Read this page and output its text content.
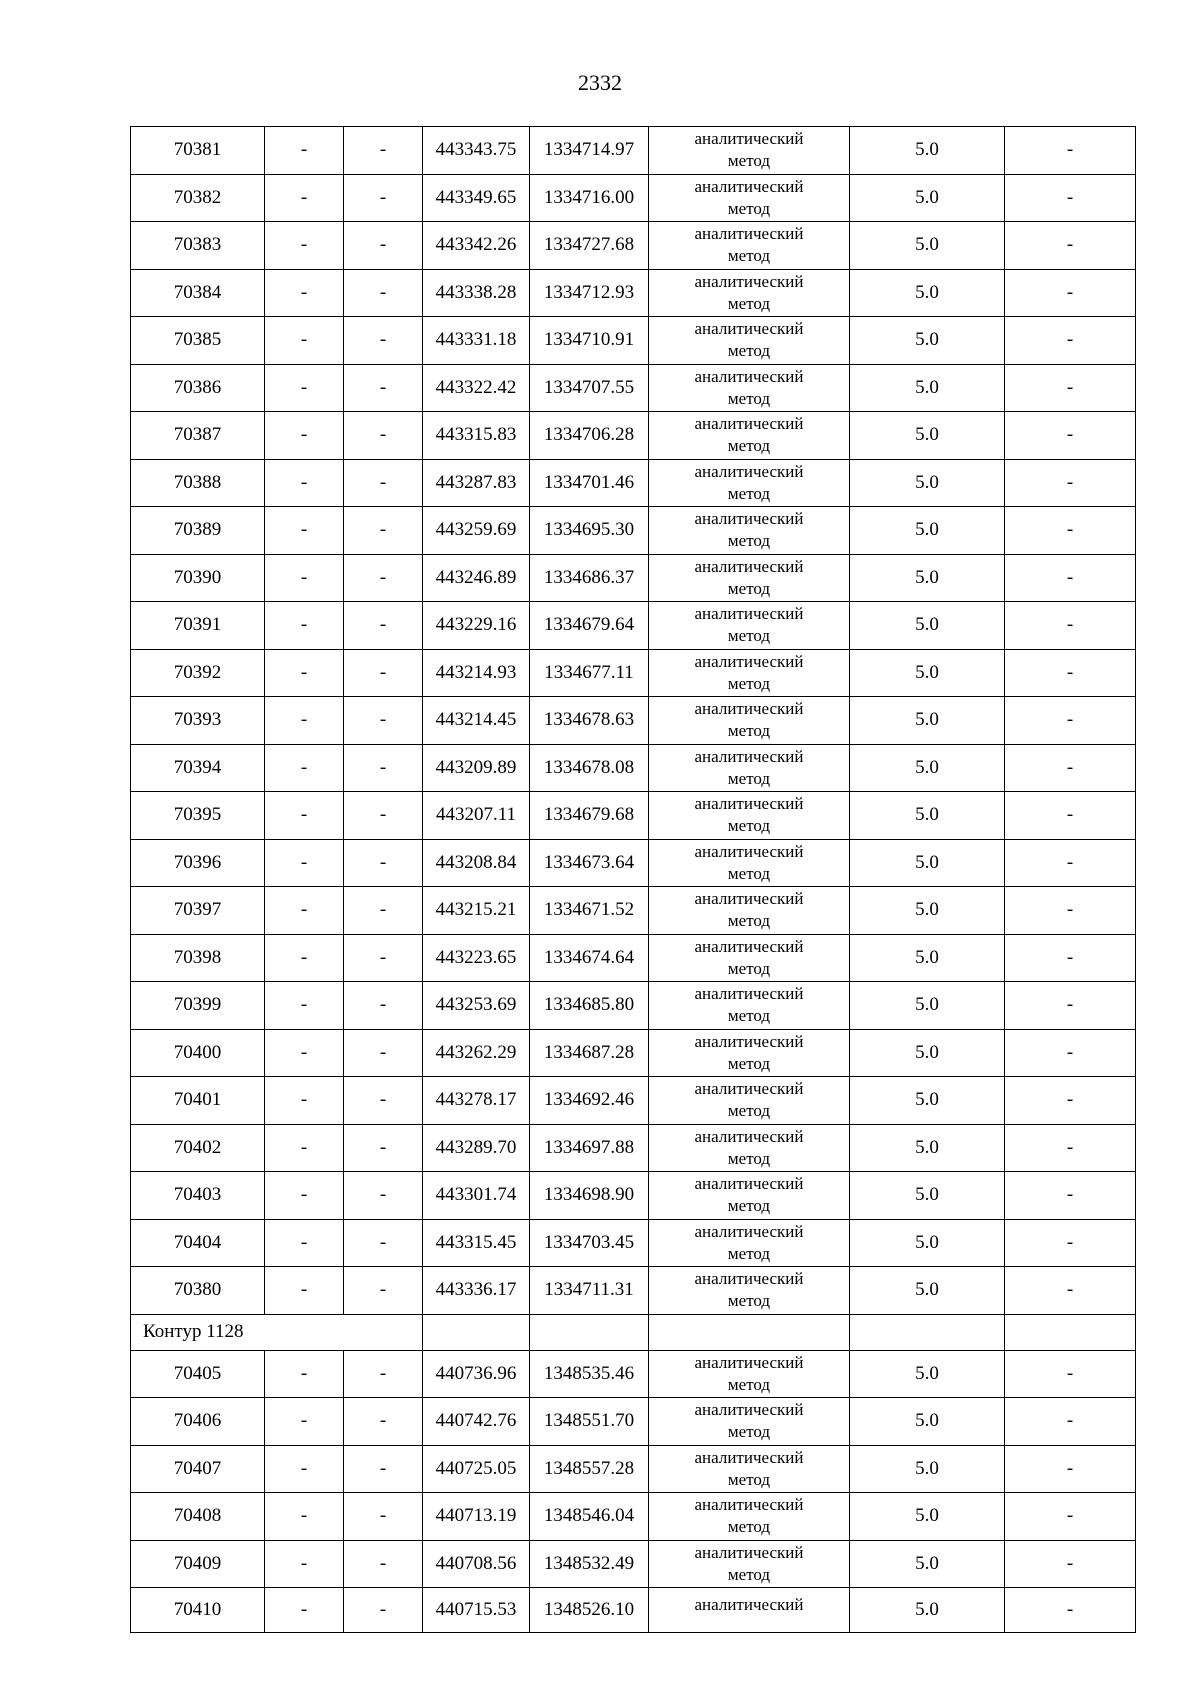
2332
70381	-	-	443343.75	1334714.97	аналитический
метод	5.0	-
70382	-	-	443349.65	1334716.00	аналитический
метод	5.0	-
70383	-	-	443342.26	1334727.68	аналитический
метод	5.0	-
70384	-	-	443338.28	1334712.93	аналитический
метод	5.0	-
70385	-	-	443331.18	1334710.91	аналитический
метод	5.0	-
70386	-	-	443322.42	1334707.55	аналитический
метод	5.0	-
70387	-	-	443315.83	1334706.28	аналитический
метод	5.0	-
70388	-	-	443287.83	1334701.46	аналитический
метод	5.0	-
70389	-	-	443259.69	1334695.30	аналитический
метод	5.0	-
70390	-	-	443246.89	1334686.37	аналитический
метод	5.0	-
70391	-	-	443229.16	1334679.64	аналитический
метод	5.0	-
70392	-	-	443214.93	1334677.11	аналитический
метод	5.0	-
70393	-	-	443214.45	1334678.63	аналитический
метод	5.0	-
70394	-	-	443209.89	1334678.08	аналитический
метод	5.0	-
70395	-	-	443207.11	1334679.68	аналитический
метод	5.0	-
70396	-	-	443208.84	1334673.64	аналитический
метод	5.0	-
70397	-	-	443215.21	1334671.52	аналитический
метод	5.0	-
70398	-	-	443223.65	1334674.64	аналитический
метод	5.0	-
70399	-	-	443253.69	1334685.80	аналитический
метод	5.0	-
70400	-	-	443262.29	1334687.28	аналитический
метод	5.0	-
70401	-	-	443278.17	1334692.46	аналитический
метод	5.0	-
70402	-	-	443289.70	1334697.88	аналитический
метод	5.0	-
70403	-	-	443301.74	1334698.90	аналитический
метод	5.0	-
70404	-	-	443315.45	1334703.45	аналитический
метод	5.0	-
70380	-	-	443336.17	1334711.31	аналитический
метод	5.0	-
Контур 1128							
70405	-	-	440736.96	1348535.46	аналитический
метод	5.0	-
70406	-	-	440742.76	1348551.70	аналитический
метод	5.0	-
70407	-	-	440725.05	1348557.28	аналитический
метод	5.0	-
70408	-	-	440713.19	1348546.04	аналитический
метод	5.0	-
70409	-	-	440708.56	1348532.49	аналитический
метод	5.0	-
70410	-	-	440715.53	1348526.10	аналитический	5.0	-
